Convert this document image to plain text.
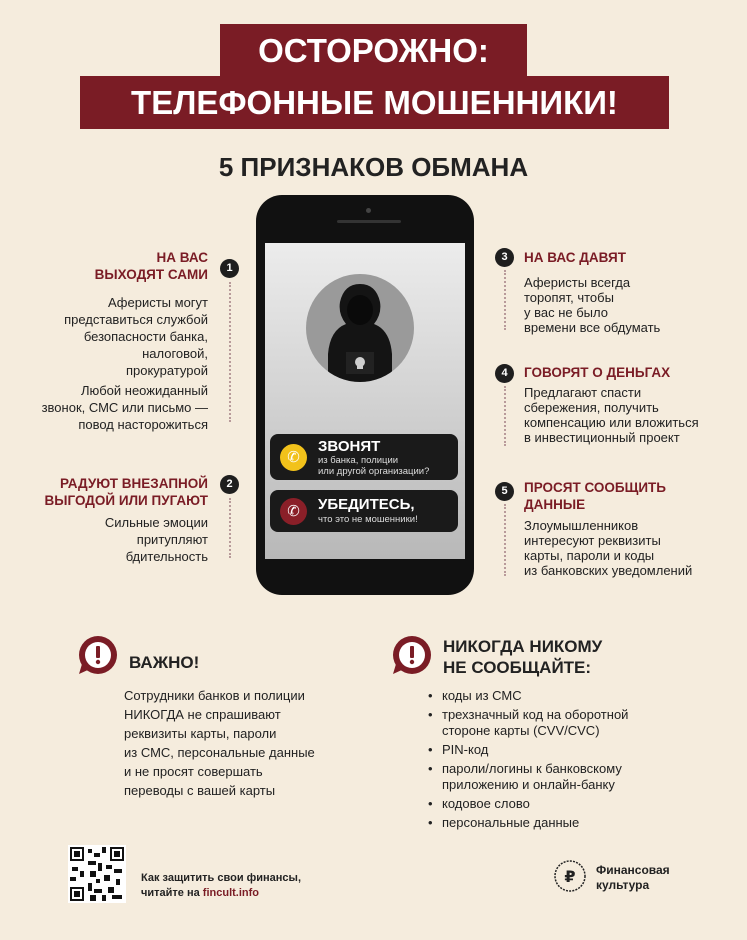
ОСТОРОЖНО:
ТЕЛЕФОННЫЕ МОШЕННИКИ!
5 ПРИЗНАКОВ ОБМАНА
НА ВАС
ВЫХОДЯТ САМИ	1
Аферисты могут
представиться службой
безопасности банка,
налоговой,
прокуратурой
Любой неожиданный
звонок, СМС или письмо —
повод насторожиться
РАДУЮТ ВНЕЗАПНОЙ
ВЫГОДОЙ ИЛИ ПУГАЮТ
2
Сильные эмоции
притупляют
бдительность
3	НА ВАС ДАВЯТ
Аферисты всегда
торопят, чтобы
у вас не было
времени все обдумать
4	ГОВОРЯТ О ДЕНЬГАХ
Предлагают спасти
сбережения, получить
компенсацию или вложиться
в инвестиционный проект
5	ПРОСЯТ СООБЩИТЬ
ДАННЫЕ
Злоумышленников
интересуют реквизиты
карты, пароли и коды
из банковских уведомлений
✆
ЗВОНЯТ
из банка, полиции
или другой организации?
✆	УБЕДИТЕСЬ,
что это не мошенники!
ВАЖНО!
Сотрудники банков и полиции
НИКОГДА не спрашивают
реквизиты карты, пароли
из СМС, персональные данные
и не просят совершать
переводы с вашей карты
НИКОГДА НИКОМУ
НЕ СООБЩАЙТЕ:
• коды из СМС
• трехзначный код на оборотной стороне карты (CVV/CVC)
• PIN-код
• пароли/логины к банковскому приложению и онлайн-банку
• кодовое слово
• персональные данные
Как защитить свои финансы,
читайте на fincult.info
₽ Финансовая
культура
